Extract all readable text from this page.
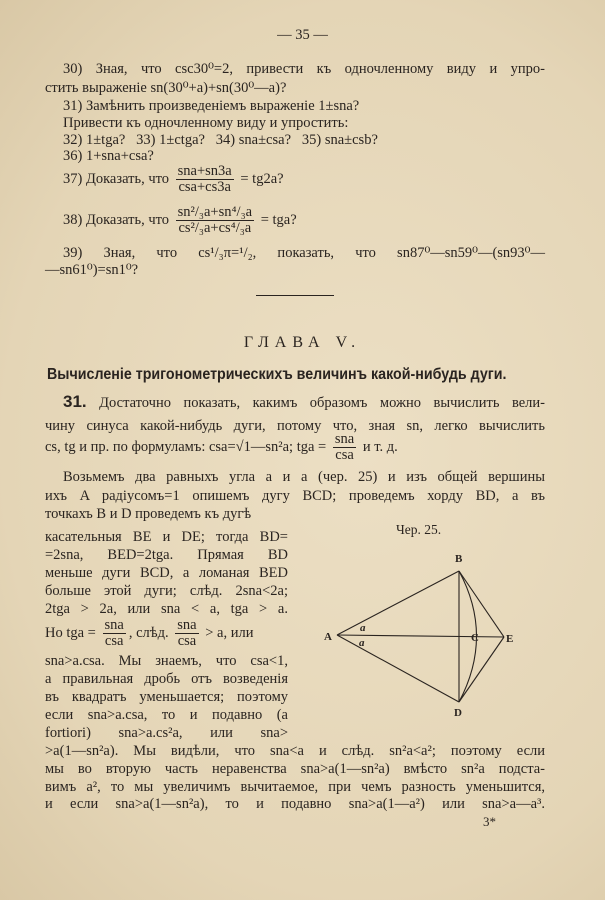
— 35 —
30) Зная, что csc30⁰=2, привести къ одночленному виду и упро-
стить выраженіе sn(30⁰+a)+sn(30⁰—a)?
31) Замѣнить произведеніемъ выраженіе 1±sna?
Привести къ одночленному виду и упростить:
32) 1±tga?   33) 1±ctga?   34) sna±csa?   35) sna±csb?
36) 1+sna+csa?
37) Доказать, что $\frac{\text{sna+sn3a}}{\text{csa+cs3a}} = tg2a$?
38) Доказать, что $\frac{\text{sn²/₃a+sn⁴/₃a}}{\text{cs²/₃a+cs⁴/₃a}}$ = tga?
39) Зная, что cs¹/₃π=¹/₂, показать, что sn87⁰—sn59⁰—(sn93⁰—
—sn61⁰)=sn1⁰?
ГЛАВА V.
Вычисленіе тригонометрическихъ величинъ какой-нибудь дуги.
31. Достаточно показать, какимъ образомъ можно вычислить вели-
чину синуса какой-нибудь дуги, потому что, зная sn, легко вычислить
cs, tg и пр. по формуламъ: csa=√1—sn²a; tga = $\frac{\text{sna}}{\text{csa}}$ и т. д.
Возьмемъ два равныхъ угла a и a (чер. 25) и изъ общей вершины
ихъ A радіусомъ=1 опишемъ дугу BCD; проведемъ хорду BD, а въ
точкахъ B и D проведемъ къ дугѣ
касательныя BE и DE; тогда BD=
=2sna, BED=2tga. Прямая BD
меньше дуги BCD, а ломаная BED
больше этой дуги; слѣд. 2sna<2a;
2tga > 2a, или sna < a, tga > a.
Но tga = $\frac{\text{sna}}{\text{csa}}$ , слѣд. $\frac{\text{sna}}{\text{csa}} > a$, или
sna>a.csa. Мы знаемъ, что csa<1,
а правильная дробь отъ возведенія
въ квадратъ уменьшается; поэтому
если sna>a.csa, то и подавно (a
fortiori) sna>a.cs²a, или sna>
>a(1—sn²a). Мы видѣли, что sna<a и слѣд. sn²a<a²; поэтому если
мы во вторую часть неравенства sna>a(1—sn²a) вмѣсто sn²a подста-
вимъ a², то мы увеличимъ вычитаемое, при чемъ разность уменьшится,
и если sna>a(1—sn²a), то и подавно sna>a(1—a²) или sna>a—a³.
3*
Чер. 25.
B
D
A	C E
a
a
